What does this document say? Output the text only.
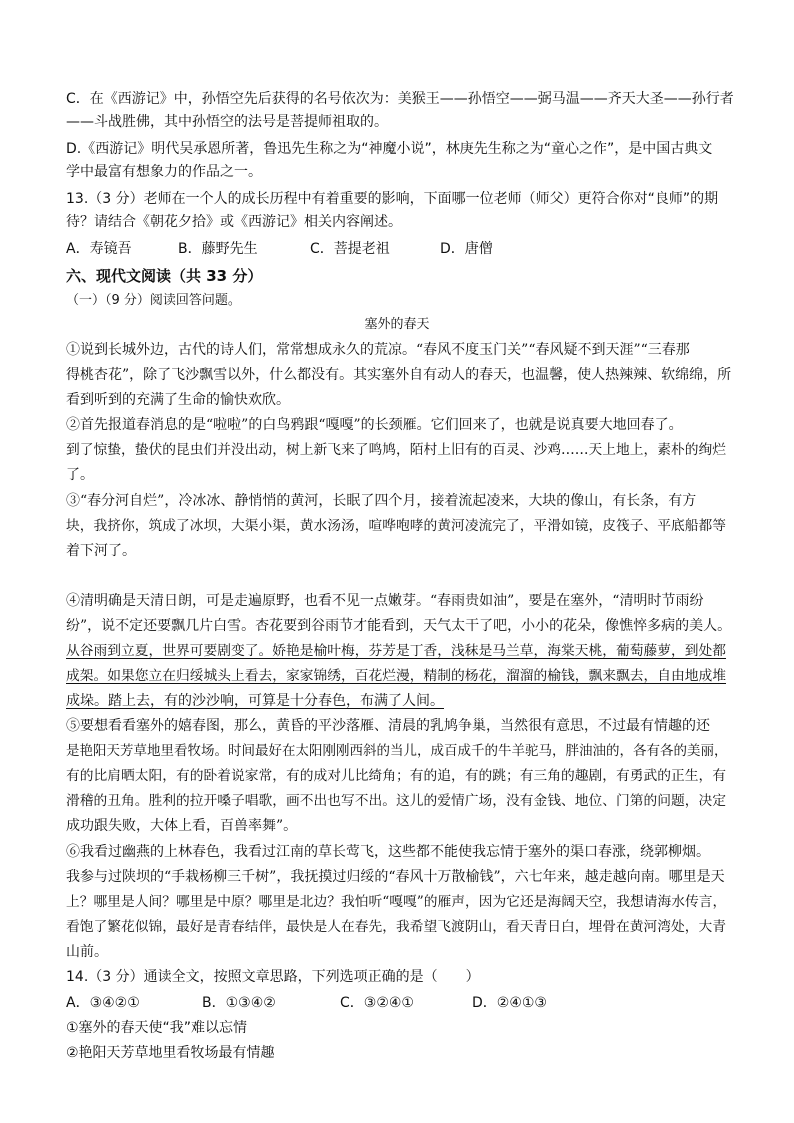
C．在《西游记》中，孙悟空先后获得的名号依次为：美猴王——孙悟空——弼马温——齐天大圣——孙行者
——斗战胜佛，其中孙悟空的法号是菩提师祖取的。
D.《西游记》明代吴承恩所著，鲁迅先生称之为“神魔小说”，林庚先生称之为“童心之作”，是中国古典文
学中最富有想象力的作品之一。
13.（3 分）老师在一个人的成长历程中有着重要的影响，下面哪一位老师（师父）更符合你对“良师”的期
待？请结合《朝花夕拾》或《西游记》相关内容阐述。
A．寿镜吾	B．藤野先生	C．菩提老祖	D．唐僧
六、现代文阅读（共 33 分）
（一）（9 分）阅读回答问题。
塞外的春天
①说到长城外边，古代的诗人们，常常想成永久的荒凉。“春风不度玉门关”“春风疑不到天涯”“三春那
得桃杏花”，除了飞沙飘雪以外，什么都没有。其实塞外自有动人的春天，也温馨，使人热辣辣、软绵绵，所
看到听到的充满了生命的愉快欢欣。
②首先报道春消息的是“啦啦”的白鸟鸦跟“嘎嘎”的长颈雁。它们回来了，也就是说真要大地回春了。
到了惊蛰，蛰伏的昆虫们并没出动，树上新飞来了鸣鸠，陌村上旧有的百灵、沙鸡……天上地上，素朴的绚烂
了。
③“春分河自烂”，冷冰冰、静悄悄的黄河，长眠了四个月，接着流起凌来，大块的像山，有长条，有方
块，我挤你，筑成了冰坝，大渠小渠，黄水汤汤，喧哗咆哮的黄河凌流完了，平滑如镜，皮筏子、平底船都等
着下河了。
④清明确是天清日朗，可是走遍原野，也看不见一点嫩芽。“春雨贵如油”，要是在塞外，“清明时节雨纷
纷”，说不定还要飘几片白雪。杏花要到谷雨节才能看到，天气太干了吧，小小的花朵，像憔悴多病的美人。
从谷雨到立夏，世界可要剧变了。娇艳是榆叶梅，芬芳是丁香，浅秣是马兰草，海棠天桃，葡萄藤萝，到处都
成架。如果您立在归绥城头上看去，家家锦绣，百花烂漫，精制的杨花，溜溜的榆钱，飘来飘去，自由地成堆
成垛。踏上去，有的沙沙响，可算是十分春色，布满了人间。
⑤要想看看塞外的嬉春图，那么，黄昏的平沙落雁、清晨的乳鸠争巢，当然很有意思，不过最有情趣的还
是艳阳天芳草地里看牧场。时间最好在太阳刚刚西斜的当儿，成百成千的牛羊驼马，胖油油的，各有各的美丽，
有的比肩晒太阳，有的卧着说家常，有的成对儿比绮角；有的追，有的跳；有三角的趣剧，有勇武的正生，有
滑稽的丑角。胜利的拉开嗓子唱歌，画不出也写不出。这儿的爱情广场，没有金钱、地位、门第的问题，决定
成功跟失败，大体上看，百兽率舞”。
⑥我看过幽燕的上林春色，我看过江南的草长莺飞，这些都不能使我忘情于塞外的渠口春涨，绕郭柳烟。
我参与过陕坝的“手栽杨柳三千树”，我抚摸过归绥的“春风十万散榆钱”，六七年来，越走越向南。哪里是天
上？哪里是人间？哪里是中原？哪里是北边？我怕听“嘎嘎”的雁声，因为它还是海阔天空，我想请海水传言，
看饱了繁花似锦，最好是青春结伴，最快是人在春先，我希望飞渡阴山，看天青日白，埋骨在黄河湾处，大青
山前。
14.（3 分）通读全文，按照文章思路，下列选项正确的是（　　）
A．③④②①	B．①③④②	C．③②④①	D．②④①③
①塞外的春天使“我”难以忘情
②艳阳天芳草地里看牧场最有情趣
